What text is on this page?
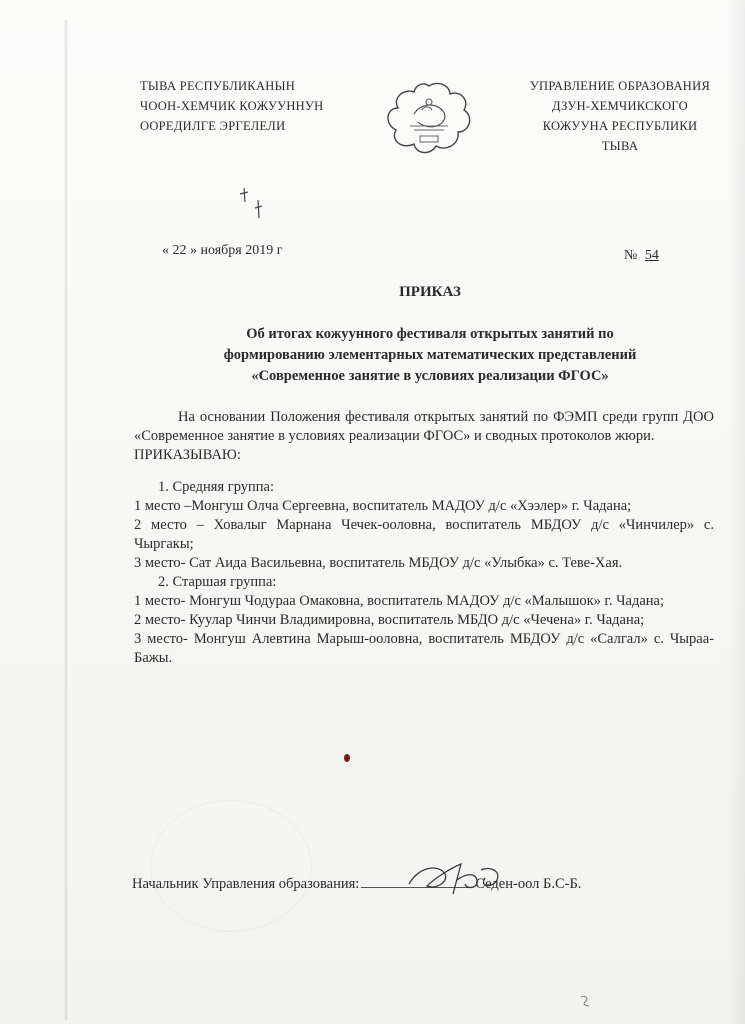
ТЫВА РЕСПУБЛИКАНЫН
ЧООН-ХЕМЧИК КОЖУУННУН
ООРЕДИЛГЕ ЭРГЕЛЕЛИ
УПРАВЛЕНИЕ ОБРАЗОВАНИЯ
ДЗУН-ХЕМЧИКСКОГО
КОЖУУНА РЕСПУБЛИКИ
ТЫВА
« 22 » ноября 2019 г	№ 54
ПРИКАЗ
Об итогах кожуунного фестиваля открытых занятий по
формированию элементарных математических представлений
«Современное занятие в условиях реализации ФГОС»

На основании Положения фестиваля открытых занятий по ФЭМП среди групп ДОО «Современное занятие в условиях реализации ФГОС» и сводных протоколов жюри.

ПРИКАЗЫВАЮ:

1. Средняя группа:

1 место –Монгуш Олча Сергеевна, воспитатель МАДОУ д/с «Хээлер» г. Чадана;

2 место – Ховалыг Марнана Чечек-ооловна, воспитатель МБДОУ д/с «Чинчилер» с. Чыргакы;

3 место- Сат Аида Васильевна, воспитатель МБДОУ д/с «Улыбка» с. Теве-Хая.

2. Старшая группа:

1 место- Монгуш Чодураа Омаковна, воспитатель МАДОУ д/с «Малышок» г. Чадана;

2 место- Куулар Чинчи Владимировна, воспитатель МБДО д/с «Чечена» г. Чадана;

3 место- Монгуш Алевтина Марыш-ооловна, воспитатель МБДОУ д/с «Салгал» с. Чыраа-Бажы.

Начальник Управления образования:	Седен-оол Б.С-Б.
